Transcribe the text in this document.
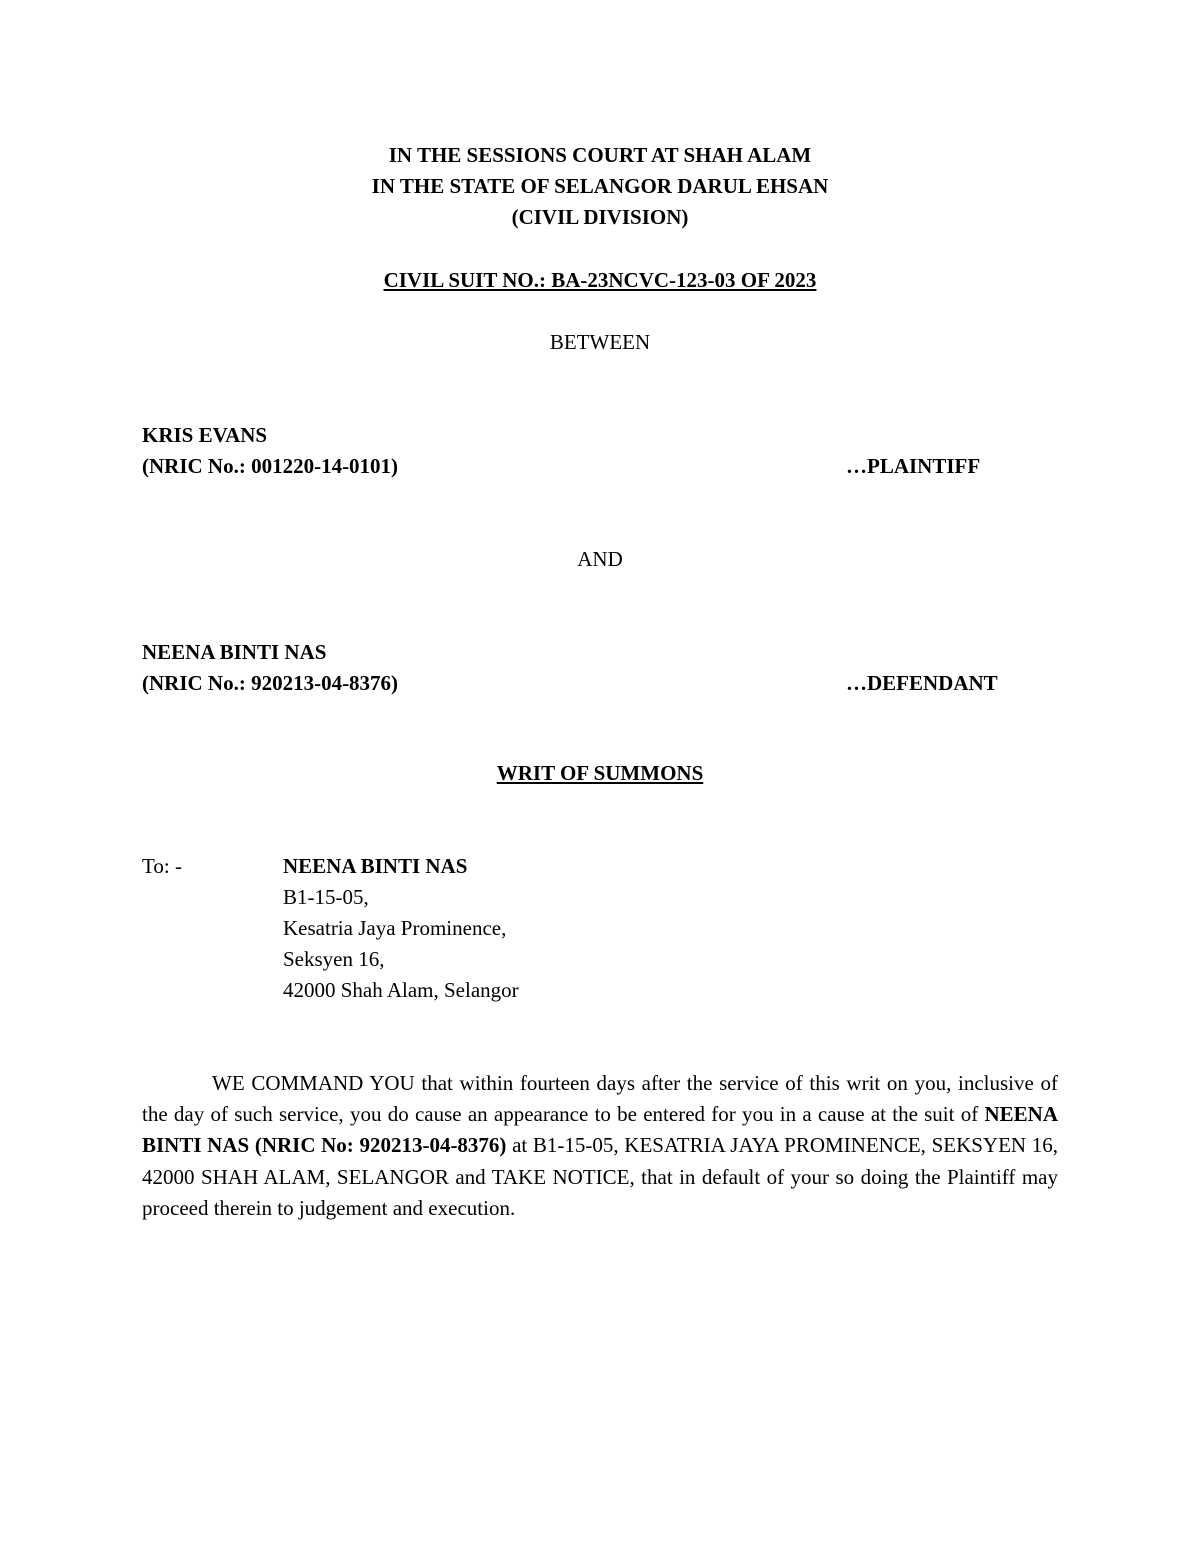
IN THE SESSIONS COURT AT SHAH ALAM
IN THE STATE OF SELANGOR DARUL EHSAN
(CIVIL DIVISION)
CIVIL SUIT NO.: BA-23NCVC-123-03 OF 2023
BETWEEN
KRIS EVANS
(NRIC No.: 001220-14-0101)	…PLAINTIFF
AND
NEENA BINTI NAS
(NRIC No.: 920213-04-8376)	…DEFENDANT
WRIT OF SUMMONS
To: -	NEENA BINTI NAS
B1-15-05,
Kesatria Jaya Prominence,
Seksyen 16,
42000 Shah Alam, Selangor
WE COMMAND YOU that within fourteen days after the service of this writ on you, inclusive of the day of such service, you do cause an appearance to be entered for you in a cause at the suit of NEENA BINTI NAS (NRIC No: 920213-04-8376) at B1-15-05, KESATRIA JAYA PROMINENCE, SEKSYEN 16, 42000 SHAH ALAM, SELANGOR and TAKE NOTICE, that in default of your so doing the Plaintiff may proceed therein to judgement and execution.
